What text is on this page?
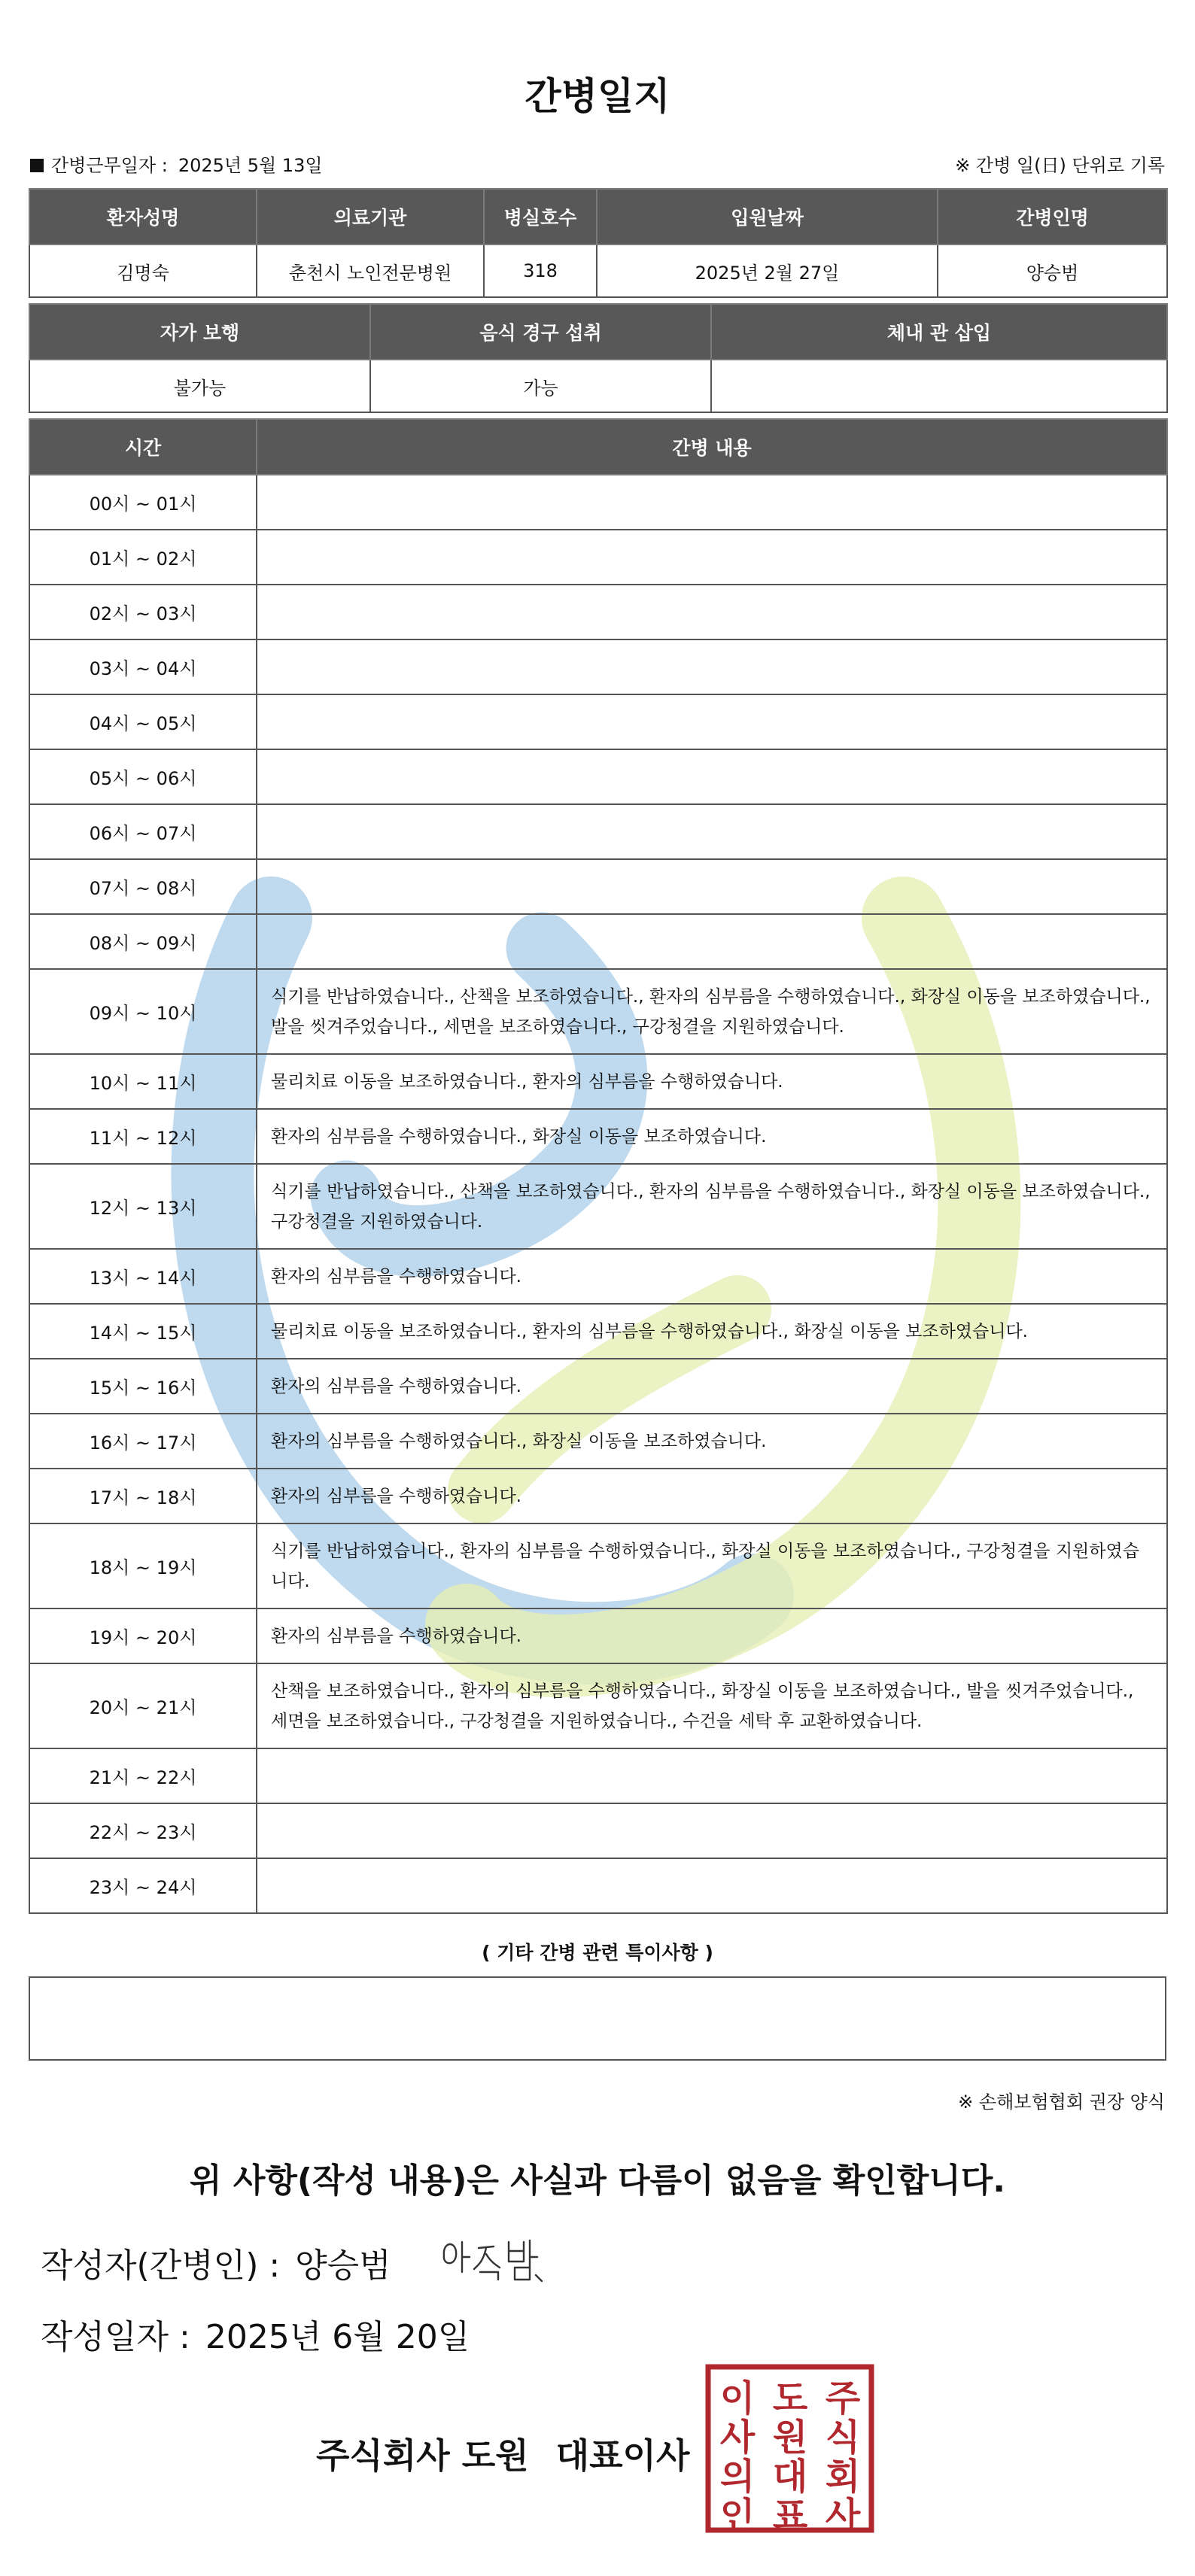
간병일지
간병근무일자 : 2025년 5월 13일	※ 간병 일(日) 단위로 기록
환자성명	의료기관	병실호수	입원날짜	간병인명
김명숙	춘천시 노인전문병원	318	2025년 2월 27일	양승범
자가 보행	음식 경구 섭취	체내 관 삽입
불가능	가능	
시간	간병 내용
00시 ~ 01시	
01시 ~ 02시	
02시 ~ 03시	
03시 ~ 04시	
04시 ~ 05시	
05시 ~ 06시	
06시 ~ 07시	
07시 ~ 08시	
08시 ~ 09시	
09시 ~ 10시	식기를 반납하였습니다., 산책을 보조하였습니다., 환자의 심부름을 수행하였습니다., 화장실 이동을 보조하였습니다., 발을 씻겨주었습니다., 세면을 보조하였습니다., 구강청결을 지원하였습니다.
10시 ~ 11시	물리치료 이동을 보조하였습니다., 환자의 심부름을 수행하였습니다.
11시 ~ 12시	환자의 심부름을 수행하였습니다., 화장실 이동을 보조하였습니다.
12시 ~ 13시	식기를 반납하였습니다., 산책을 보조하였습니다., 환자의 심부름을 수행하였습니다., 화장실 이동을 보조하였습니다., 구강청결을 지원하였습니다.
13시 ~ 14시	환자의 심부름을 수행하였습니다.
14시 ~ 15시	물리치료 이동을 보조하였습니다., 환자의 심부름을 수행하였습니다., 화장실 이동을 보조하였습니다.
15시 ~ 16시	환자의 심부름을 수행하였습니다.
16시 ~ 17시	환자의 심부름을 수행하였습니다., 화장실 이동을 보조하였습니다.
17시 ~ 18시	환자의 심부름을 수행하였습니다.
18시 ~ 19시	식기를 반납하였습니다., 환자의 심부름을 수행하였습니다., 화장실 이동을 보조하였습니다., 구강청결을 지원하였습니다.
19시 ~ 20시	환자의 심부름을 수행하였습니다.
20시 ~ 21시	산책을 보조하였습니다., 환자의 심부름을 수행하였습니다., 화장실 이동을 보조하였습니다., 발을 씻겨주었습니다., 세면을 보조하였습니다., 구강청결을 지원하였습니다., 수건을 세탁 후 교환하였습니다.
21시 ~ 22시	
22시 ~ 23시	
23시 ~ 24시	
( 기타 간병 관련 특이사항 )
※ 손해보험협회 권장 양식
위 사항(작성 내용)은 사실과 다름이 없음을 확인합니다.
작성자(간병인) : 양승범
작성일자 : 2025년 6월 20일
주식회사 도원 대표이사
주
식
회
사
도
원
대
표
이
사
의
인
